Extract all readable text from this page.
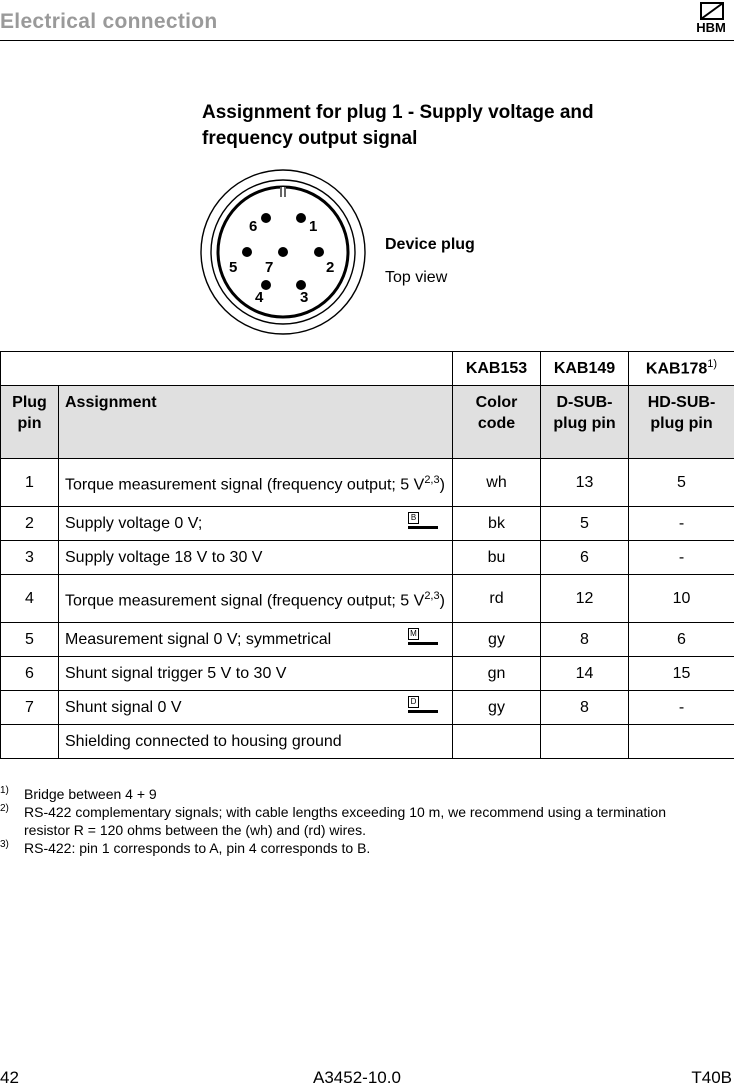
Electrical connection	HBM
Assignment for plug 1 - Supply voltage and frequency output signal
6	1
5 7	2
4 3
Device plug
Top view
		KAB153	KAB149	KAB178$^{1)}$
Plug pin	Assignment	Color code	D-SUB-plug pin	HD-SUB-plug pin
1	Torque measurement signal (frequency output; 5 V$^{2,3}$)	wh	13	5
2	Supply voltage 0 V; B	bk	5	-
3	Supply voltage 18 V to 30 V	bu	6	-
4	Torque measurement signal (frequency output; 5 V$^{2,3}$)	rd	12	10
5	Measurement signal 0 V; symmetrical M	gy	8	6
6	Shunt signal trigger 5 V to 30 V	gn	14	15
7	Shunt signal 0 V D	gy	8	-
	Shielding connected to housing ground			
1)	Bridge between 4 + 9
2)	RS-422 complementary signals; with cable lengths exceeding 10 m, we recommend using a termination resistor R = 120 ohms between the (wh) and (rd) wires.
3)	RS-422: pin 1 corresponds to A, pin 4 corresponds to B.
42	A3452-10.0	T40B
